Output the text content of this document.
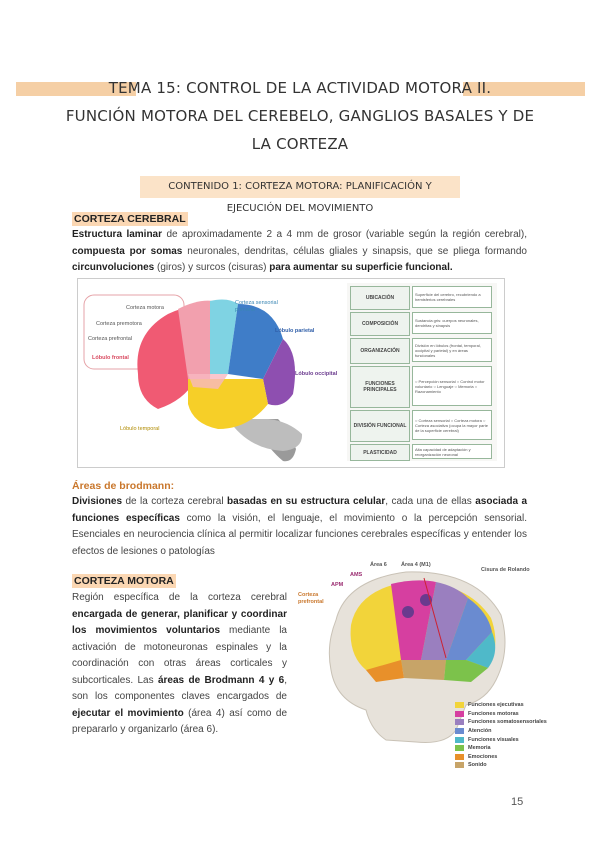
TEMA 15: CONTROL DE LA ACTIVIDAD MOTORA II.
FUNCIÓN MOTORA DEL CEREBELO, GANGLIOS BASALES Y DE
LA CORTEZA
CONTENIDO 1: CORTEZA MOTORA: PLANIFICACIÓN Y EJECUCIÓN DEL MOVIMIENTO
CORTEZA CEREBRAL
Estructura laminar de aproximadamente 2 a 4 mm de grosor (variable según la región cerebral), compuesta por somas neuronales, dendritas, células gliales y sinapsis, que se pliega formando circunvoluciones (giros) y surcos (cisuras) para aumentar su superficie funcional.
Corteza motora
Corteza premotora
Corteza prefrontal
Lóbulo frontal
Corteza sensorial primaria
Lóbulo parietal
Lóbulo occipital
Lóbulo temporal
UBICACIÓN
Superficie del cerebro, recubriendo a hemisferios cerebrales
COMPOSICIÓN
Sustancia gris: cuerpos neuronales, dendritas y sinapsis
ORGANIZACIÓN
División en lóbulos (frontal, temporal, occipital y parietal) y en áreas funcionales
FUNCIONES PRINCIPALES
○ Percepción sensorial ○ Control motor voluntario ○ Lenguaje ○ Memoria ○ Razonamiento
DIVISIÓN FUNCIONAL
○ Corteza sensorial ○ Corteza motora ○ Corteza asociativa (ocupa la mayor parte de la superficie cerebral)
PLASTICIDAD
Alta capacidad de adaptación y reorganización neuronal
Áreas de brodmann:
Divisiones de la corteza cerebral basadas en su estructura celular, cada una de ellas asociada a funciones específicas como la visión, el lenguaje, el movimiento o la percepción sensorial. Esenciales en neurociencia clínica al permitir localizar funciones cerebrales específicas y entender los efectos de lesiones o patologías
CORTEZA MOTORA
Región específica de la corteza cerebral encargada de generar, planificar y coordinar los movimientos voluntarios mediante la activación de motoneuronas espinales y la coordinación con otras áreas corticales y subcorticales. Las áreas de Brodmann 4 y 6, son los componentes claves encargados de ejecutar el movimiento (área 4) así como de prepararlo y organizarlo (área 6).
Área 6	Área 4 (M1)
Cisura de Rolando
AMS
APM
Corteza prefrontal
Funciones ejecutivas
Funciones motoras
Funciones somatosensoriales
Atención
Funciones visuales
Memoria
Emociones
Sonido
15
